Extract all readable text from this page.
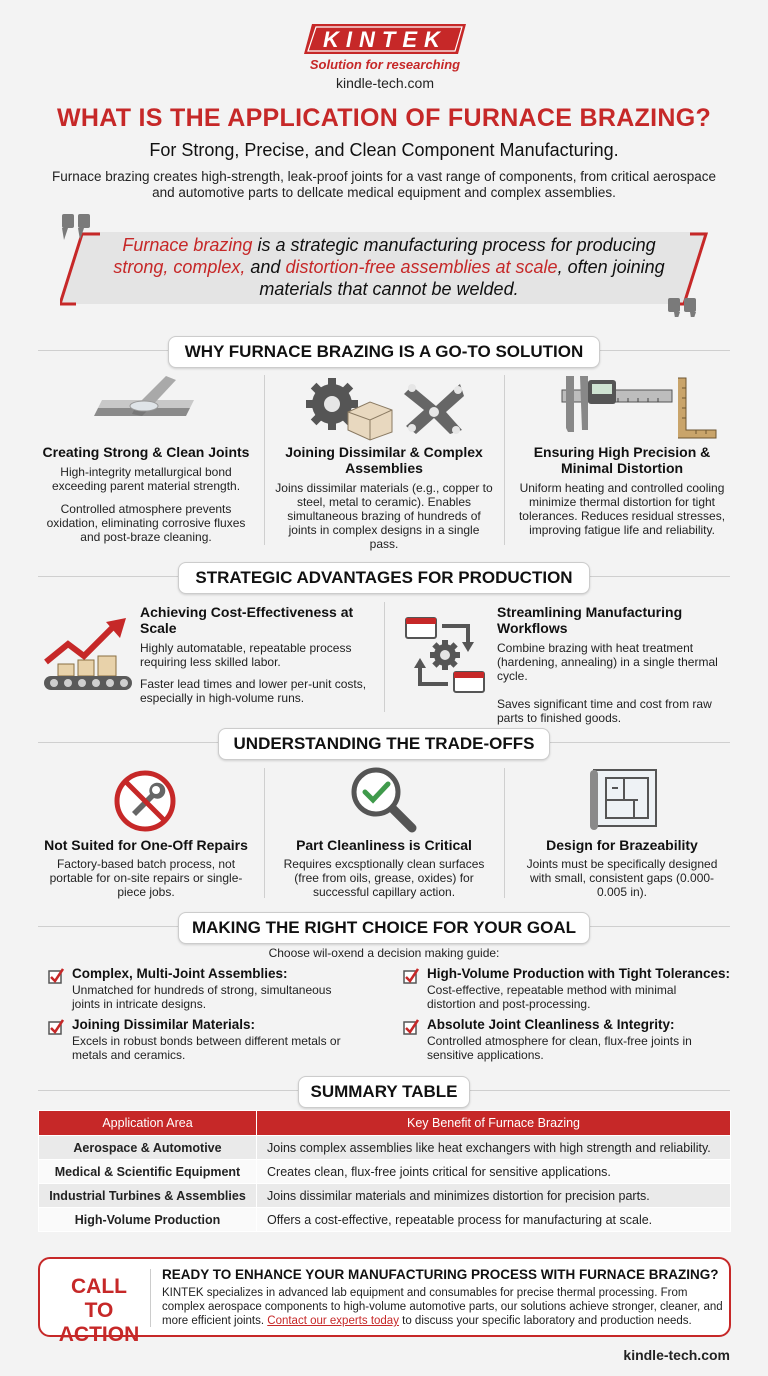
KINTEK
Solution for researching
kindle-tech.com
WHAT IS THE APPLICATION OF FURNACE BRAZING?
For Strong, Precise, and Clean Component Manufacturing.
Furnace brazing creates high-strength, leak-proof joints for a vast range of components, from critical aerospace and automotive parts to dellcate medical equipment and complex assemblies.
Furnace brazing is a strategic manufacturing process for producing strong, complex, and distortion-free assemblies at scale, often joining materials that cannot be welded.
WHY FURNACE BRAZING IS A GO-TO SOLUTION
Creating Strong & Clean Joints
High-integrity metallurgical bond exceeding parent material strength.
Controlled atmosphere prevents oxidation, eliminating corrosive fluxes and post-braze cleaning.
Joining Dissimilar & Complex Assemblies
Joins dissimilar materials (e.g., copper to steel, metal to ceramic). Enables simultaneous brazing of hundreds of joints in complex designs in a single pass.
Ensuring High Precision & Minimal Distortion
Uniform heating and controlled cooling minimize thermal distortion for tight tolerances. Reduces residual stresses, improving fatigue life and reliability.
STRATEGIC ADVANTAGES FOR PRODUCTION
Achieving Cost-Effectiveness at Scale
Highly automatable, repeatable process requiring less skilled labor.
Faster lead times and lower per-unit costs, especially in high-volume runs.
Streamlining Manufacturing Workflows
Combine brazing with heat treatment (hardening, annealing) in a single thermal cycle.
Saves significant time and cost from raw parts to finished goods.
UNDERSTANDING THE TRADE-OFFS
Not Suited for One-Off Repairs
Factory-based batch process, not portable for on-site repairs or single-piece jobs.
Part Cleanliness is Critical
Requires excsptionally clean surfaces (free from oils, grease, oxides) for successful capillary action.
Design for Brazeability
Joints must be specifically designed with small, consistent gaps (0.000-0.005 in).
MAKING THE RIGHT CHOICE FOR YOUR GOAL
Choose wil-oxend a decision making guide:
Complex, Multi-Joint Assemblies:
Unmatched for hundreds of strong, simultaneous joints in intricate designs.
High-Volume Production with Tight Tolerances:
Cost-effective, repeatable method with minimal distortion and post-processing.
Joining Dissimilar Materials:
Excels in robust bonds between different metals or metals and ceramics.
Absolute Joint Cleanliness & Integrity:
Controlled atmosphere for clean, flux-free joints in sensitive applications.
SUMMARY TABLE
Application Area	Key Benefit of Furnace Brazing
Aerospace & Automotive	Joins complex assemblies like heat exchangers with high strength and reliability.
Medical & Scientific Equipment	Creates clean, flux-free joints critical for sensitive applications.
Industrial Turbines & Assemblies	Joins dissimilar materials and minimizes distortion for precision parts.
High-Volume Production	Offers a cost-effective, repeatable process for manufacturing at scale.
CALL TO
ACTION
READY TO ENHANCE YOUR MANUFACTURING PROCESS WITH FURNACE BRAZING?
KINTEK specializes in advanced lab equipment and consumables for precise thermal processing. From complex aerospace components to high-volume automotive parts, our solutions achieve stronger, cleaner, and more efficient joints. Contact our experts today to discuss your specific laboratory and production needs.
kindle-tech.com
